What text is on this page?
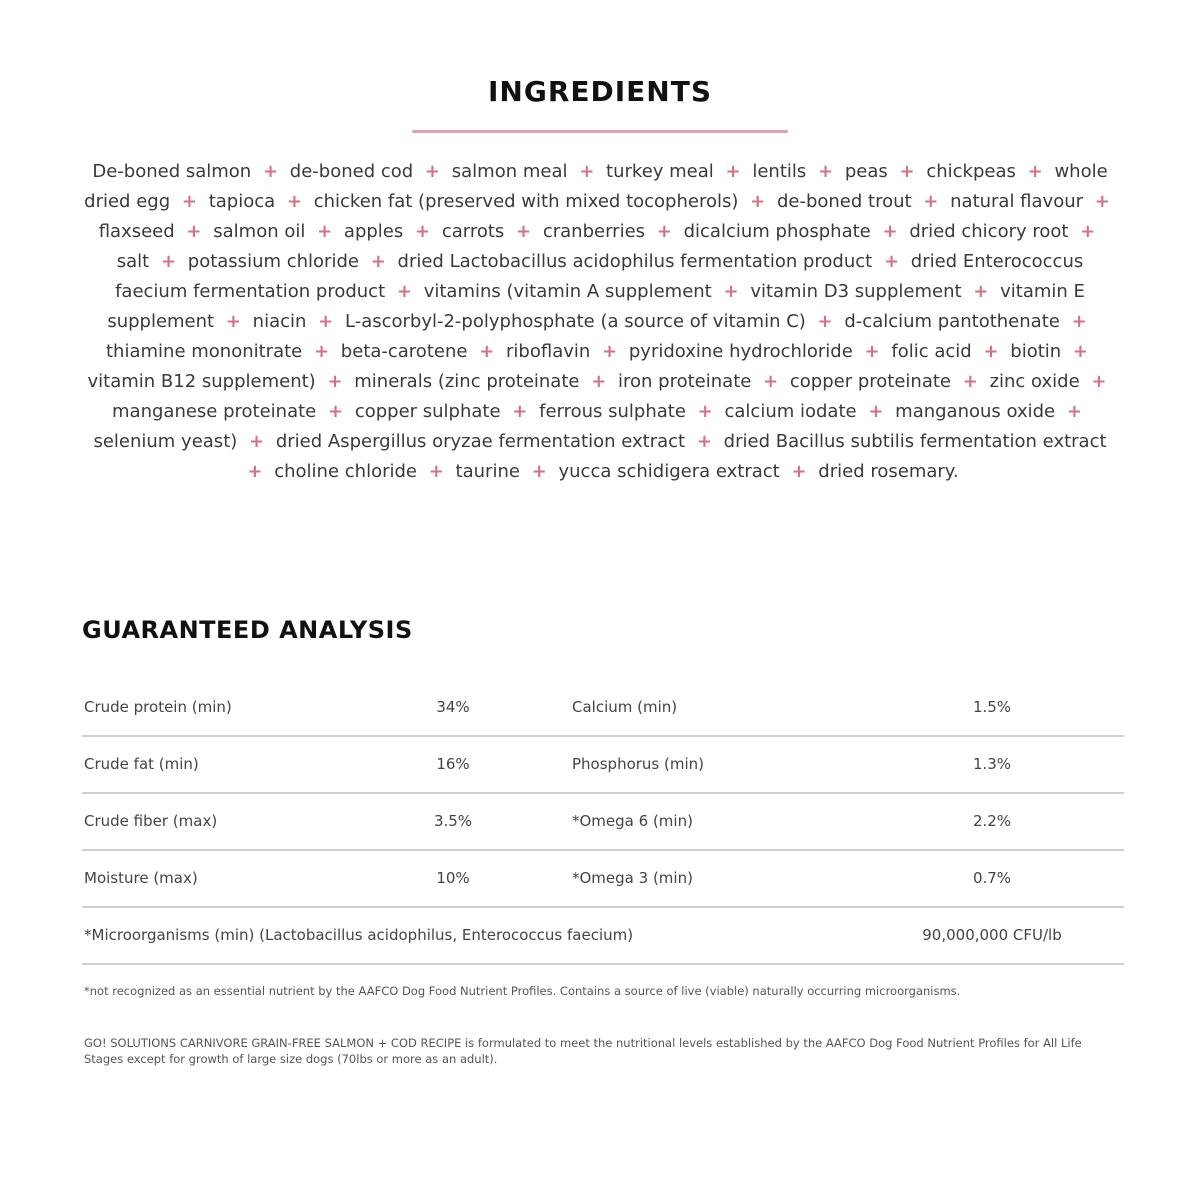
INGREDIENTS

De-boned salmon + de-boned cod + salmon meal + turkey meal + lentils + peas + chickpeas + whole dried egg + tapioca + chicken fat (preserved with mixed tocopherols) + de-boned trout + natural flavour + flaxseed + salmon oil + apples + carrots + cranberries + dicalcium phosphate + dried chicory root + salt + potassium chloride + dried Lactobacillus acidophilus fermentation product + dried Enterococcus faecium fermentation product + vitamins (vitamin A supplement + vitamin D3 supplement + vitamin E supplement + niacin + L-ascorbyl-2-polyphosphate (a source of vitamin C) + d-calcium pantothenate + thiamine mononitrate + beta-carotene + riboflavin + pyridoxine hydrochloride + folic acid + biotin + vitamin B12 supplement) + minerals (zinc proteinate + iron proteinate + copper proteinate + zinc oxide + manganese proteinate + copper sulphate + ferrous sulphate + calcium iodate + manganous oxide + selenium yeast) + dried Aspergillus oryzae fermentation extract + dried Bacillus subtilis fermentation extract + choline chloride + taurine + yucca schidigera extract + dried rosemary.

GUARANTEED ANALYSIS
Crude protein (min)	34%	Calcium (min)	1.5%
Crude fat (min)	16%	Phosphorus (min)	1.3%
Crude fiber (max)	3.5%	*Omega 6 (min)	2.2%
Moisture (max)	10%	*Omega 3 (min)	0.7%
*Microorganisms (min) (Lactobacillus acidophilus, Enterococcus faecium)	90,000,000 CFU/lb

*not recognized as an essential nutrient by the AAFCO Dog Food Nutrient Profiles. Contains a source of live (viable) naturally occurring microorganisms.

GO! SOLUTIONS CARNIVORE GRAIN-FREE SALMON + COD RECIPE is formulated to meet the nutritional levels established by the AAFCO Dog Food Nutrient Profiles for All Life Stages except for growth of large size dogs (70lbs or more as an adult).
